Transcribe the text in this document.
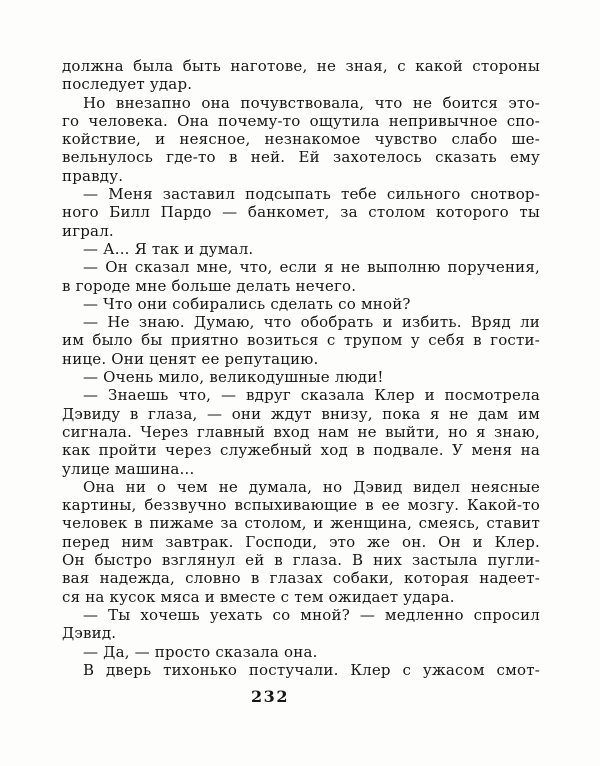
должна была быть наготове, не зная, с какой стороны
последует удар.
Но внезапно она почувствовала, что не боится это-
го человека. Она почему-то ощутила непривычное спо-
койствие, и неясное, незнакомое чувство слабо ше-
вельнулось где-то в ней. Ей захотелось сказать ему
правду.
— Меня заставил подсыпать тебе сильного снотвор-
ного Билл Пардо — банкомет, за столом которого ты
играл.
— А... Я так и думал.
— Он сказал мне, что, если я не выполню поручения,
в городе мне больше делать нечего.
— Что они собирались сделать со мной?
— Не знаю. Думаю, что обобрать и избить. Вряд ли
им было бы приятно возиться с трупом у себя в гости-
нице. Они ценят ее репутацию.
— Очень мило, великодушные люди!
— Знаешь что, — вдруг сказала Клер и посмотрела
Дэвиду в глаза, — они ждут внизу, пока я не дам им
сигнала. Через главный вход нам не выйти, но я знаю,
как пройти через служебный ход в подвале. У меня на
улице машина...
Она ни о чем не думала, но Дэвид видел неясные
картины, беззвучно вспыхивающие в ее мозгу. Какой-то
человек в пижаме за столом, и женщина, смеясь, ставит
перед ним завтрак. Господи, это же он. Он и Клер.
Он быстро взглянул ей в глаза. В них застыла пугли-
вая надежда, словно в глазах собаки, которая надеет-
ся на кусок мяса и вместе с тем ожидает удара.
— Ты хочешь уехать со мной? — медленно спросил
Дэвид.
— Да, — просто сказала она.
В дверь тихонько постучали. Клер с ужасом смот-
232
